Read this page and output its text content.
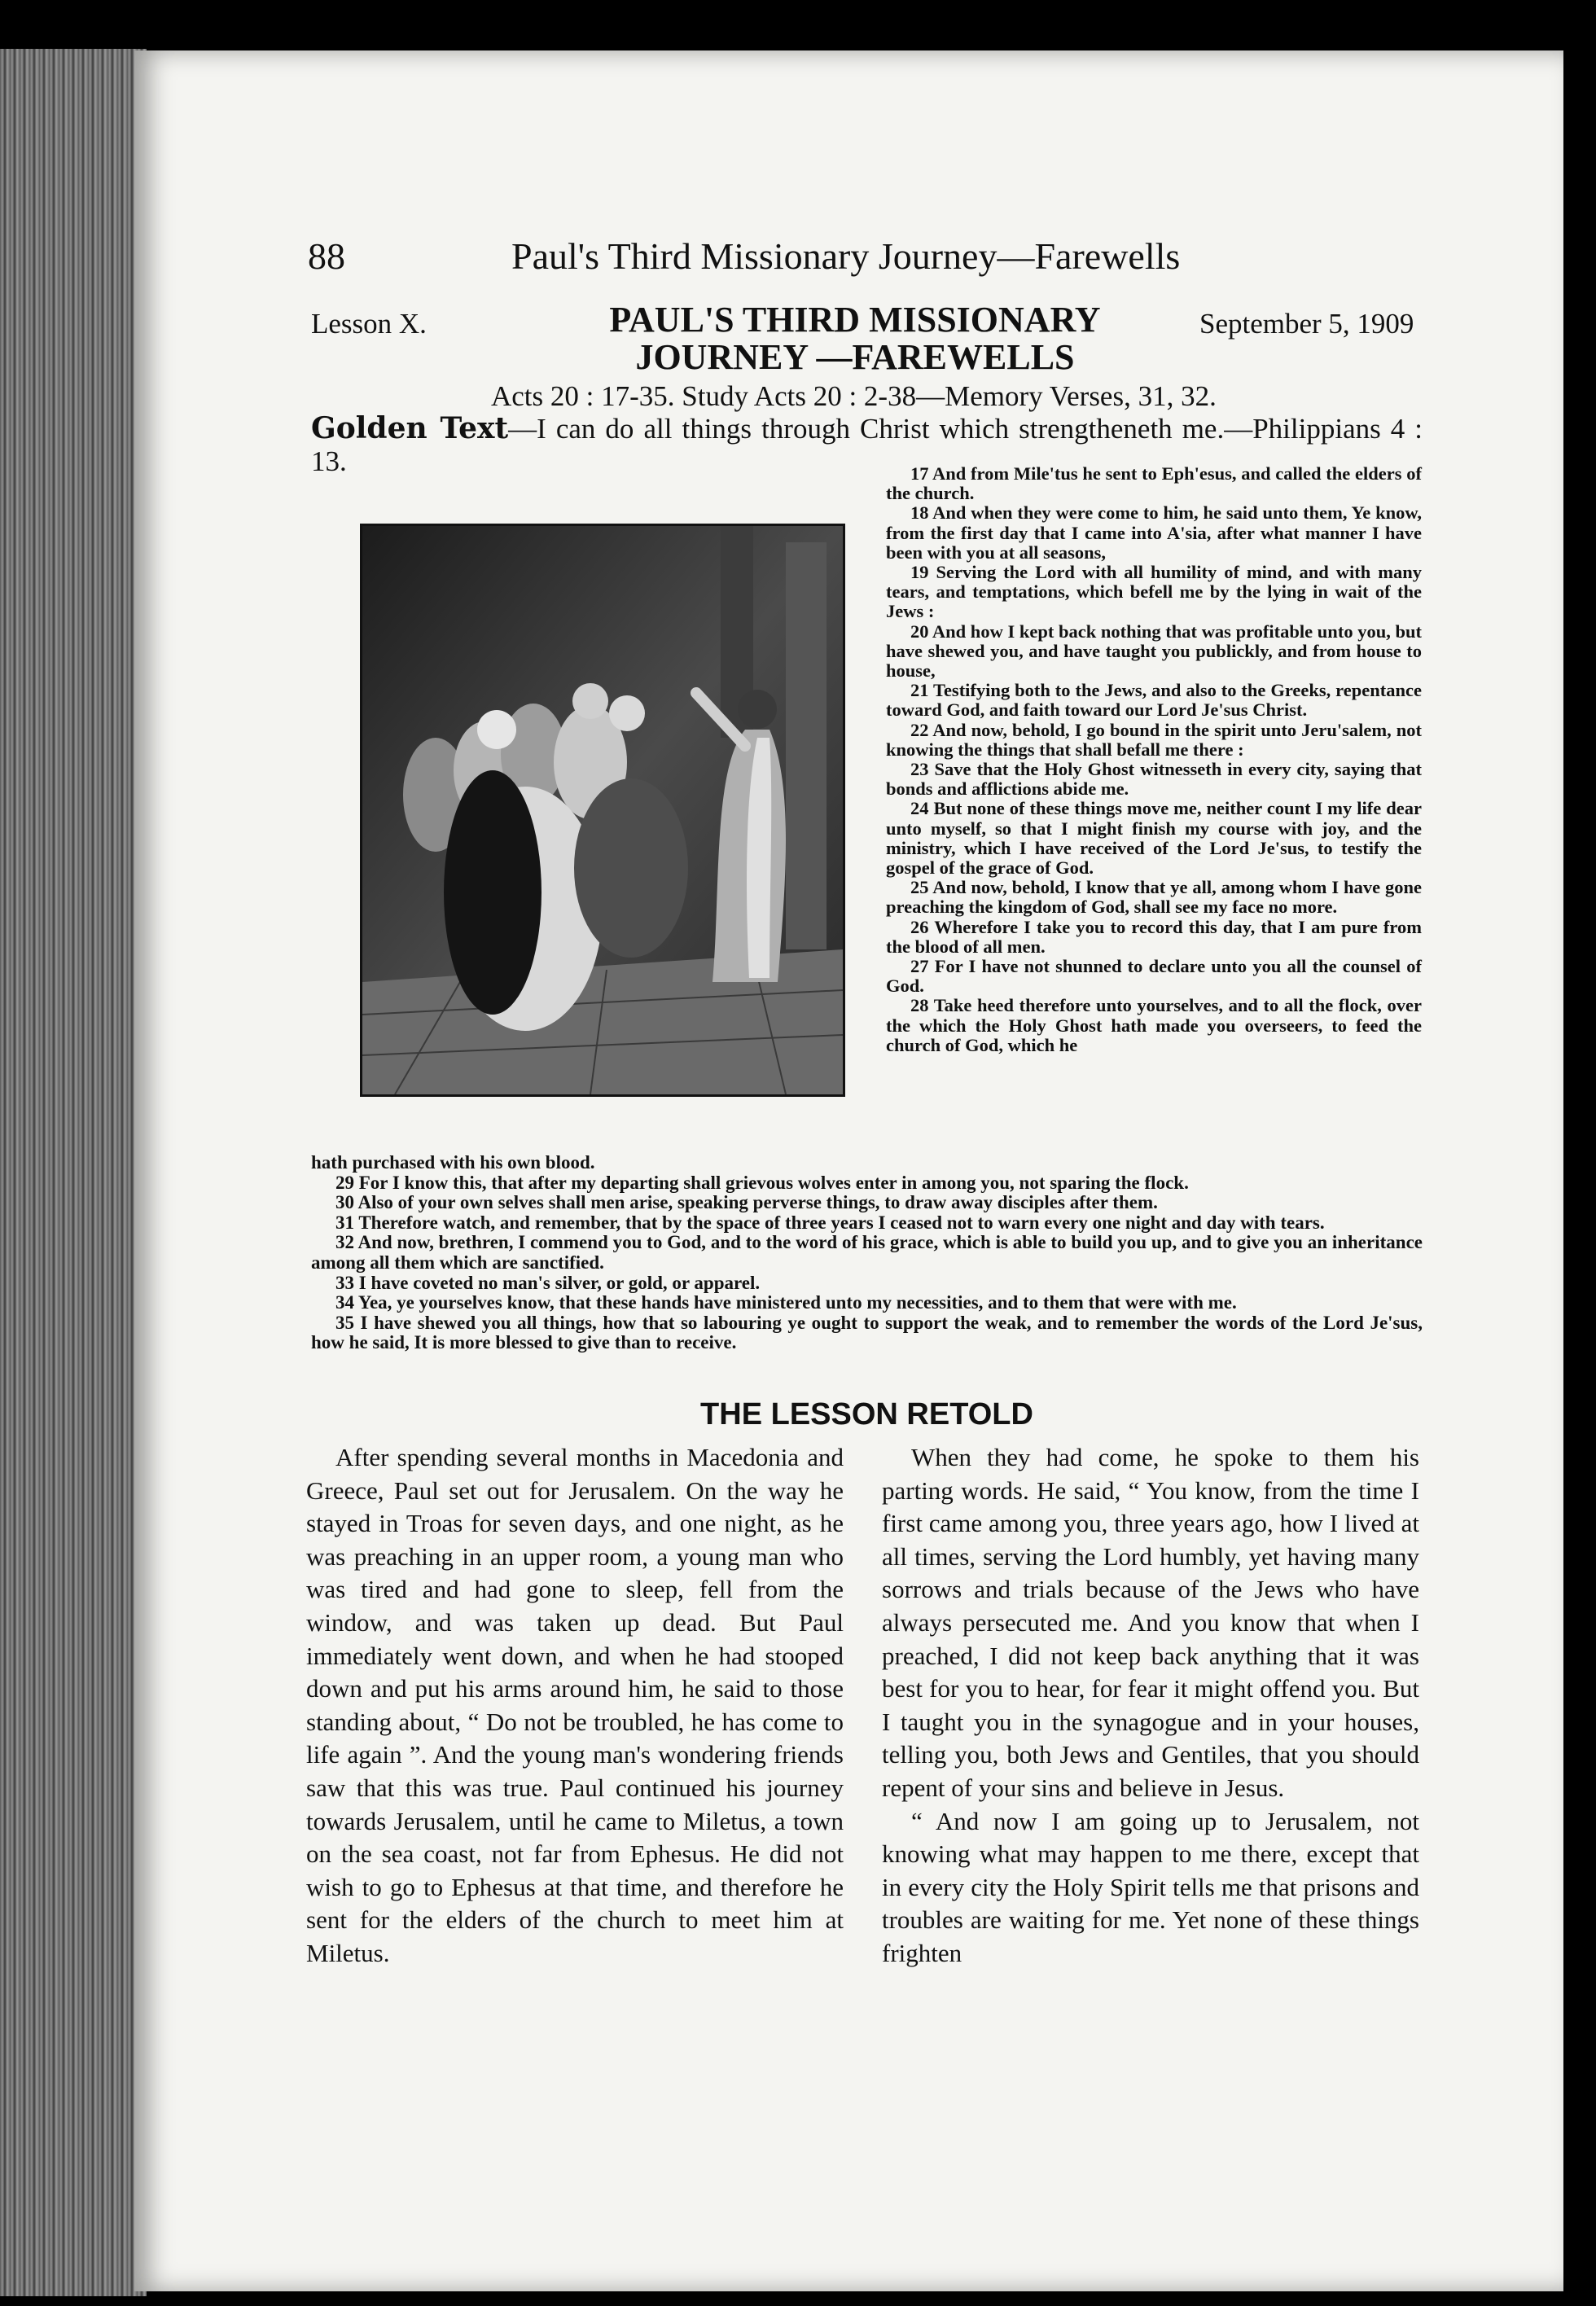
88	Paul's Third Missionary Journey—Farewells
Lesson X.	PAUL'S THIRD MISSIONARY JOURNEY —FAREWELLS
September 5, 1909
Acts 20 : 17-35. Study Acts 20 : 2-38—Memory Verses, 31, 32.
Golden Text—I can do all things through Christ which strengtheneth me.—Philippians 4 : 13.	17 And from Mile'tus he sent to Eph'esus, and called the elders of the church.

18 And when they were come to him, he said unto them, Ye know, from the first day that I came into A'sia, after what manner I have been with you at all seasons,

19 Serving the Lord with all humility of mind, and with many tears, and temptations, which befell me by the lying in wait of the Jews :

20 And how I kept back nothing that was profitable unto you, but have shewed you, and have taught you publickly, and from house to house,

21 Testifying both to the Jews, and also to the Greeks, repentance toward God, and faith toward our Lord Je'sus Christ.

22 And now, behold, I go bound in the spirit unto Jeru'salem, not knowing the things that shall befall me there :

23 Save that the Holy Ghost witnesseth in every city, saying that bonds and afflictions abide me.

24 But none of these things move me, neither count I my life dear unto myself, so that I might finish my course with joy, and the ministry, which I have received of the Lord Je'sus, to testify the gospel of the grace of God.

25 And now, behold, I know that ye all, among whom I have gone preaching the kingdom of God, shall see my face no more.

26 Wherefore I take you to record this day, that I am pure from the blood of all men.

27 For I have not shunned to declare unto you all the counsel of God.

28 Take heed therefore unto yourselves, and to all the flock, over the which the Holy Ghost hath made you overseers, to feed the church of God, which he

hath purchased with his own blood.

29 For I know this, that after my departing shall grievous wolves enter in among you, not sparing the flock.

30 Also of your own selves shall men arise, speaking perverse things, to draw away disciples after them.

31 Therefore watch, and remember, that by the space of three years I ceased not to warn every one night and day with tears.

32 And now, brethren, I commend you to God, and to the word of his grace, which is able to build you up, and to give you an inheritance among all them which are sanctified.

33 I have coveted no man's silver, or gold, or apparel.

34 Yea, ye yourselves know, that these hands have ministered unto my necessities, and to them that were with me.

35 I have shewed you all things, how that so labouring ye ought to support the weak, and to remember the words of the Lord Je'sus, how he said, It is more blessed to give than to receive.

THE LESSON RETOLD

After spending several months in Macedonia and Greece, Paul set out for Jerusalem. On the way he stayed in Troas for seven days, and one night, as he was preaching in an upper room, a young man who was tired and had gone to sleep, fell from the window, and was taken up dead. But Paul immediately went down, and when he had stooped down and put his arms around him, he said to those standing about, “ Do not be troubled, he has come to life again ”. And the young man's wondering friends saw that this was true. Paul continued his journey towards Jerusalem, until he came to Miletus, a town on the sea coast, not far from Ephesus. He did not wish to go to Ephesus at that time, and therefore he sent for the elders of the church to meet him at Miletus.

When they had come, he spoke to them his parting words. He said, “ You know, from the time I first came among you, three years ago, how I lived at all times, serving the Lord humbly, yet having many sorrows and trials because of the Jews who have always persecuted me. And you know that when I preached, I did not keep back anything that it was best for you to hear, for fear it might offend you. But I taught you in the synagogue and in your houses, telling you, both Jews and Gentiles, that you should repent of your sins and believe in Jesus.

“ And now I am going up to Jerusalem, not knowing what may happen to me there, except that in every city the Holy Spirit tells me that prisons and troubles are waiting for me. Yet none of these things frighten
